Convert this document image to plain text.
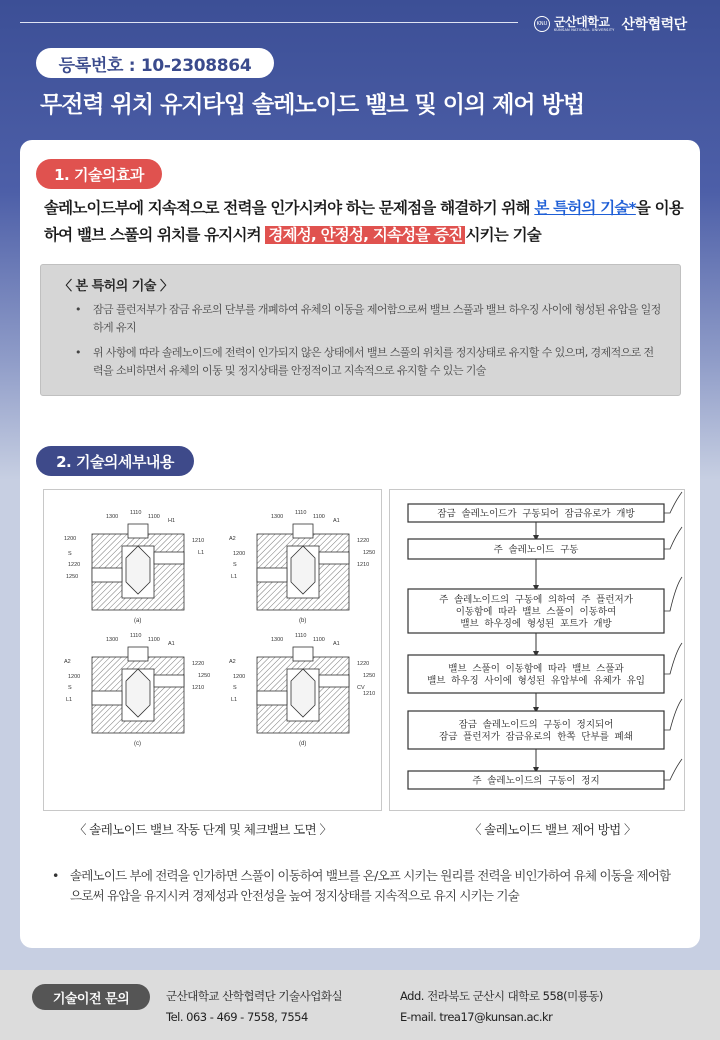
KNU 군산대학교
KUNSAN NATIONAL UNIVERSITY 산학협력단
등록번호 : 10-2308864
무전력 위치 유지타입 솔레노이드 밸브 및 이의 제어 방법
1. 기술의효과
솔레노이드부에 지속적으로 전력을 인가시켜야 하는 문제점을 해결하기 위해 본 특허의 기술*을 이용하여 밸브 스풀의 위치를 유지시켜 경제성, 안정성, 지속성을 증진 시키는 기술
〈 본 특허의 기술 〉
• 잠금 플런저부가 잠금 유로의 단부를 개폐하여 유체의 이동을 제어함으로써 밸브 스풀과 밸브 하우징 사이에 형성된 유압을 일정하게 유지
• 위 사항에 따라 솔레노이드에 전력이 인가되지 않은 상태에서 밸브 스풀의 위치를 정지상태로 유지할 수 있으며, 경제적으로 전력을 소비하면서 유체의 이동 및 정지상태를 안정적이고 지속적으로 유지할 수 있는 기술
2. 기술의세부내용
1300
1110
1100
H1
1200
S
1220
1250
1210
L1
(a)
1300
1110
1100
A1
A2
1200
S
L1
1220
1250
1210
(b)
1300
1110
1100
A1
A2
1200
S
L1
1220
1250
1210
(c)
1300
1110
1100
A1
A2
1200
S
L1
1220
1250
CV
1210
(d)
잠금 솔레노이드가 구동되어 잠금유로가 개방
주 솔레노이드 구동
주 솔레노이드의 구동에 의하여 주 플런저가
이동함에 따라 밸브 스풀이 이동하여
밸브 하우징에 형성된 포트가 개방
밸브 스풀이 이동함에 따라 밸브 스풀과
밸브 하우징 사이에 형성된 유압부에 유체가 유입
잠금 솔레노이드의 구동이 정지되어
잠금 플런저가 잠금유로의 한쪽 단부를 폐쇄
주 솔레노이드의 구동이 정지
〈 솔레노이드 밸브 작동 단계 및 체크밸브 도면 〉	〈 솔레노이드 밸브 제어 방법 〉
• 솔레노이드 부에 전력을 인가하면 스풀이 이동하여 밸브를 온/오프 시키는 원리를 전력을 비인가하여 유체 이동을 제어함으로써 유압을 유지시켜 경제성과 안전성을 높여 정지상태를 지속적으로 유지 시키는 기술
기술이전 문의	군산대학교 산학협력단 기술사업화실
Tel. 063 - 469 - 7558, 7554
Add. 전라북도 군산시 대학로 558(미룡동)
E-mail. trea17@kunsan.ac.kr
